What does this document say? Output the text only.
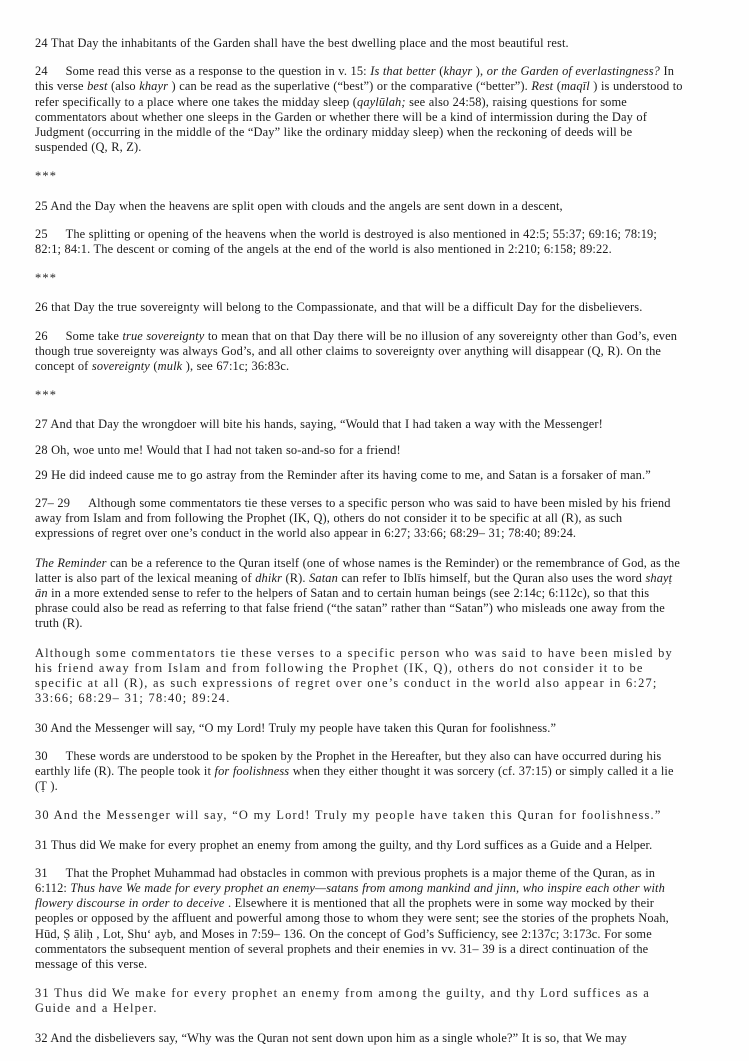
24 That Day the inhabitants of the Garden shall have the best dwelling place and the most beautiful rest.

24 Some read this verse as a response to the question in v. 15: Is that better (khayr ), or the Garden of everlastingness? In this verse best (also khayr ) can be read as the superlative (“best”) or the comparative (“better”). Rest (maqīl ) is understood to refer specifically to a place where one takes the midday sleep (qaylūlah; see also 24:58), raising questions for some commentators about whether one sleeps in the Garden or whether there will be a kind of intermission during the Day of Judgment (occurring in the middle of the “Day” like the ordinary midday sleep) when the reckoning of deeds will be suspended (Q, R, Z).

***

25 And the Day when the heavens are split open with clouds and the angels are sent down in a descent,

25 The splitting or opening of the heavens when the world is destroyed is also mentioned in 42:5; 55:37; 69:16; 78:19; 82:1; 84:1. The descent or coming of the angels at the end of the world is also mentioned in 2:210; 6:158; 89:22.

***

26 that Day the true sovereignty will belong to the Compassionate, and that will be a difficult Day for the disbelievers.

26 Some take true sovereignty to mean that on that Day there will be no illusion of any sovereignty other than God’s, even though true sovereignty was always God’s, and all other claims to sovereignty over anything will disappear (Q, R). On the concept of sovereignty (mulk ), see 67:1c; 36:83c.

***

27 And that Day the wrongdoer will bite his hands, saying, “Would that I had taken a way with the Messenger!

28 Oh, woe unto me! Would that I had not taken so-and-so for a friend!

29 He did indeed cause me to go astray from the Reminder after its having come to me, and Satan is a forsaker of man.”

27– 29 Although some commentators tie these verses to a specific person who was said to have been misled by his friend away from Islam and from following the Prophet (IK, Q), others do not consider it to be specific at all (R), as such expressions of regret over one’s conduct in the world also appear in 6:27; 33:66; 68:29– 31; 78:40; 89:24.

The Reminder can be a reference to the Quran itself (one of whose names is the Reminder) or the remembrance of God, as the latter is also part of the lexical meaning of dhikr (R). Satan can refer to Iblīs himself, but the Quran also uses the word shayṭ ān in a more extended sense to refer to the helpers of Satan and to certain human beings (see 2:14c; 6:112c), so that this phrase could also be read as referring to that false friend (“the satan” rather than “Satan”) who misleads one away from the truth (R).

Although some commentators tie these verses to a specific person who was said to have been misled by his friend away from Islam and from following the Prophet (IK, Q), others do not consider it to be specific at all (R), as such expressions of regret over one’s conduct in the world also appear in 6:27; 33:66; 68:29– 31; 78:40; 89:24.

30 And the Messenger will say, “O my Lord! Truly my people have taken this Quran for foolishness.”

30 These words are understood to be spoken by the Prophet in the Hereafter, but they also can have occurred during his earthly life (R). The people took it for foolishness when they either thought it was sorcery (cf. 37:15) or simply called it a lie (Ṭ ).

30 And the Messenger will say, “O my Lord! Truly my people have taken this Quran for foolishness.”

31 Thus did We make for every prophet an enemy from among the guilty, and thy Lord suffices as a Guide and a Helper.

31 That the Prophet Muhammad had obstacles in common with previous prophets is a major theme of the Quran, as in 6:112: Thus have We made for every prophet an enemy—satans from among mankind and jinn, who inspire each other with flowery discourse in order to deceive . Elsewhere it is mentioned that all the prophets were in some way mocked by their peoples or opposed by the affluent and powerful among those to whom they were sent; see the stories of the prophets Noah, Hūd, Ṣ āliḥ , Lot, Shuʻ ayb, and Moses in 7:59– 136. On the concept of God’s Sufficiency, see 2:137c; 3:173c. For some commentators the subsequent mention of several prophets and their enemies in vv. 31– 39 is a direct continuation of the message of this verse.

31 Thus did We make for every prophet an enemy from among the guilty, and thy Lord suffices as a Guide and a Helper.

32 And the disbelievers say, “Why was the Quran not sent down upon him as a single whole?” It is so, that We may
